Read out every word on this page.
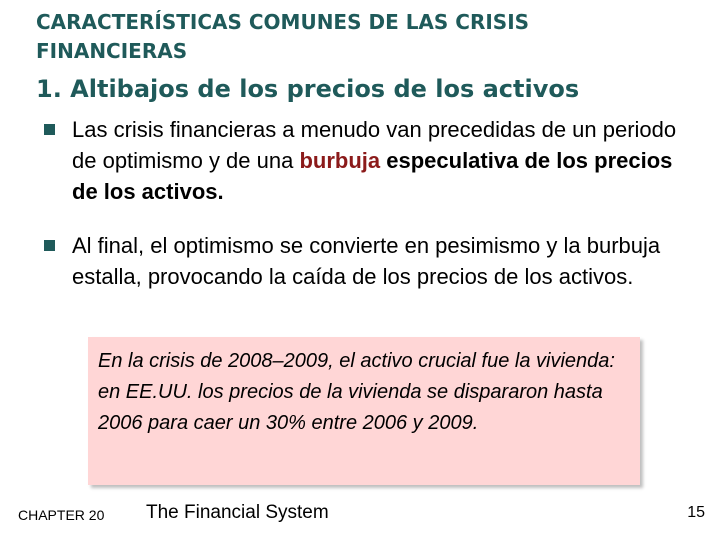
CARACTERÍSTICAS COMUNES DE LAS CRISIS FINANCIERAS
1. Altibajos de los precios de los activos
Las crisis financieras a menudo van precedidas de un periodo de optimismo y de una burbuja especulativa de los precios de los activos.
Al final, el optimismo se convierte en pesimismo y la burbuja estalla, provocando la caída de los precios de los activos.
En la crisis de 2008–2009, el activo crucial fue la vivienda: en EE.UU. los precios de la vivienda se dispararon hasta 2006 para caer un 30% entre 2006 y 2009.
CHAPTER 20 The Financial System	15
